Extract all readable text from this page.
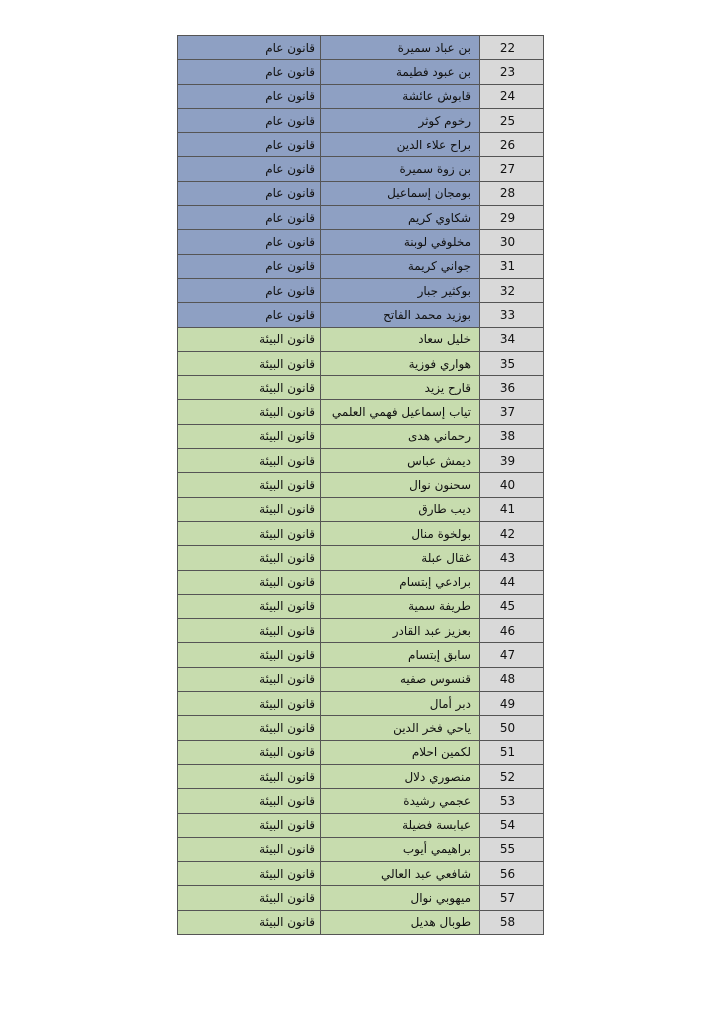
قانون عام	بن عباد سميرة	22
قانون عام	بن عبود فطيمة	23
قانون عام	قابوش عائشة	24
قانون عام	رخوم كوثر	25
قانون عام	براح علاء الدين	26
قانون عام	بن زوة سميرة	27
قانون عام	بومجان إسماعيل	28
قانون عام	شكاوي كريم	29
قانون عام	مخلوفي لوبنة	30
قانون عام	جواني كريمة	31
قانون عام	بوكثير جبار	32
قانون عام	بوزيد محمد الفاتح	33
قانون البيئة	خليل سعاد	34
قانون البيئة	هواري فوزية	35
قانون البيئة	قارح يزيد	36
قانون البيئة	تياب إسماعيل فهمي العلمي	37
قانون البيئة	رحماني هدى	38
قانون البيئة	ديمش عباس	39
قانون البيئة	سحنون نوال	40
قانون البيئة	ديب طارق	41
قانون البيئة	بولخوة منال	42
قانون البيئة	غقال عبلة	43
قانون البيئة	برادعي إبتسام	44
قانون البيئة	طريفة سمية	45
قانون البيئة	بعزيز عبد القادر	46
قانون البيئة	سابق إبتسام	47
قانون البيئة	قنسوس صفيه	48
قانون البيئة	دبر أمال	49
قانون البيئة	ياحي فخر الدين	50
قانون البيئة	لكمين احلام	51
قانون البيئة	منصوري دلال	52
قانون البيئة	عجمي رشيدة	53
قانون البيئة	عبابسة فضيلة	54
قانون البيئة	براهيمي أيوب	55
قانون البيئة	شافعي عبد العالي	56
قانون البيئة	ميهوبي نوال	57
قانون البيئة	طوبال هديل	58
